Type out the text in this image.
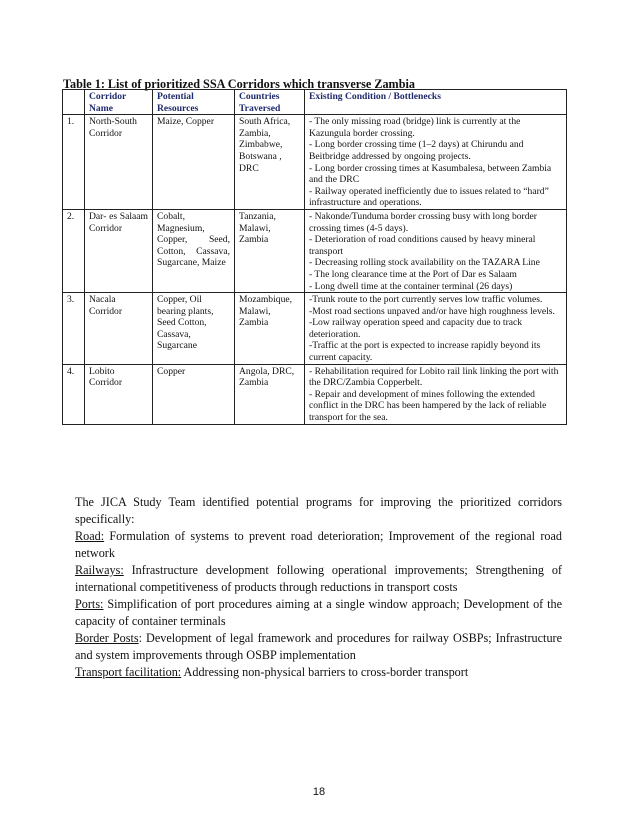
Table 1: List of prioritized SSA Corridors which transverse Zambia
	Corridor Name	Potential Resources	Countries Traversed	Existing Condition / Bottlenecks
1.	North-South Corridor	Maize, Copper	South Africa, Zambia, Zimbabwe, Botswana , DRC	- The only missing road (bridge) link is currently at the Kazungula border crossing.
- Long border crossing time (1–2 days) at Chirundu and Beitbridge addressed by ongoing projects.
- Long border crossing times at Kasumbalesa, between Zambia and the DRC
- Railway operated inefficiently due to issues related to “hard” infrastructure and operations.

2.	Dar- es Salaam Corridor	Cobalt, Magnesium, Copper, Seed, Cotton, Cassava, Sugarcane, Maize	Tanzania, Malawi, Zambia	- Nakonde/Tunduma border crossing busy with long border crossing times (4-5 days).
- Deterioration of road conditions caused by heavy mineral transport
- Decreasing rolling stock availability on the TAZARA Line
- The long clearance time at the Port of Dar es Salaam
- Long dwell time at the container terminal (26 days)

3.	Nacala Corridor	Copper, Oil bearing plants, Seed Cotton, Cassava, Sugarcane	Mozambique, Malawi, Zambia	-Trunk route to the port currently serves low traffic volumes.
-Most road sections unpaved and/or have high roughness levels.
-Low railway operation speed and capacity due to track deterioration.
-Traffic at the port is expected to increase rapidly beyond its current capacity.

4.	Lobito Corridor	Copper	Angola, DRC, Zambia	- Rehabilitation required for Lobito rail link linking the port with the DRC/Zambia Copperbelt.
- Repair and development of mines following the extended conflict in the DRC has been hampered by the lack of reliable transport for the sea.
The JICA Study Team identified potential programs for improving the prioritized corridors specifically:
Road: Formulation of systems to prevent road deterioration; Improvement of the regional road network
Railways: Infrastructure development following operational improvements; Strengthening of international competitiveness of products through reductions in transport costs
Ports: Simplification of port procedures aiming at a single window approach; Development of the capacity of container terminals
Border Posts: Development of legal framework and procedures for railway OSBPs; Infrastructure and system improvements through OSBP implementation
Transport facilitation: Addressing non-physical barriers to cross-border transport
18
